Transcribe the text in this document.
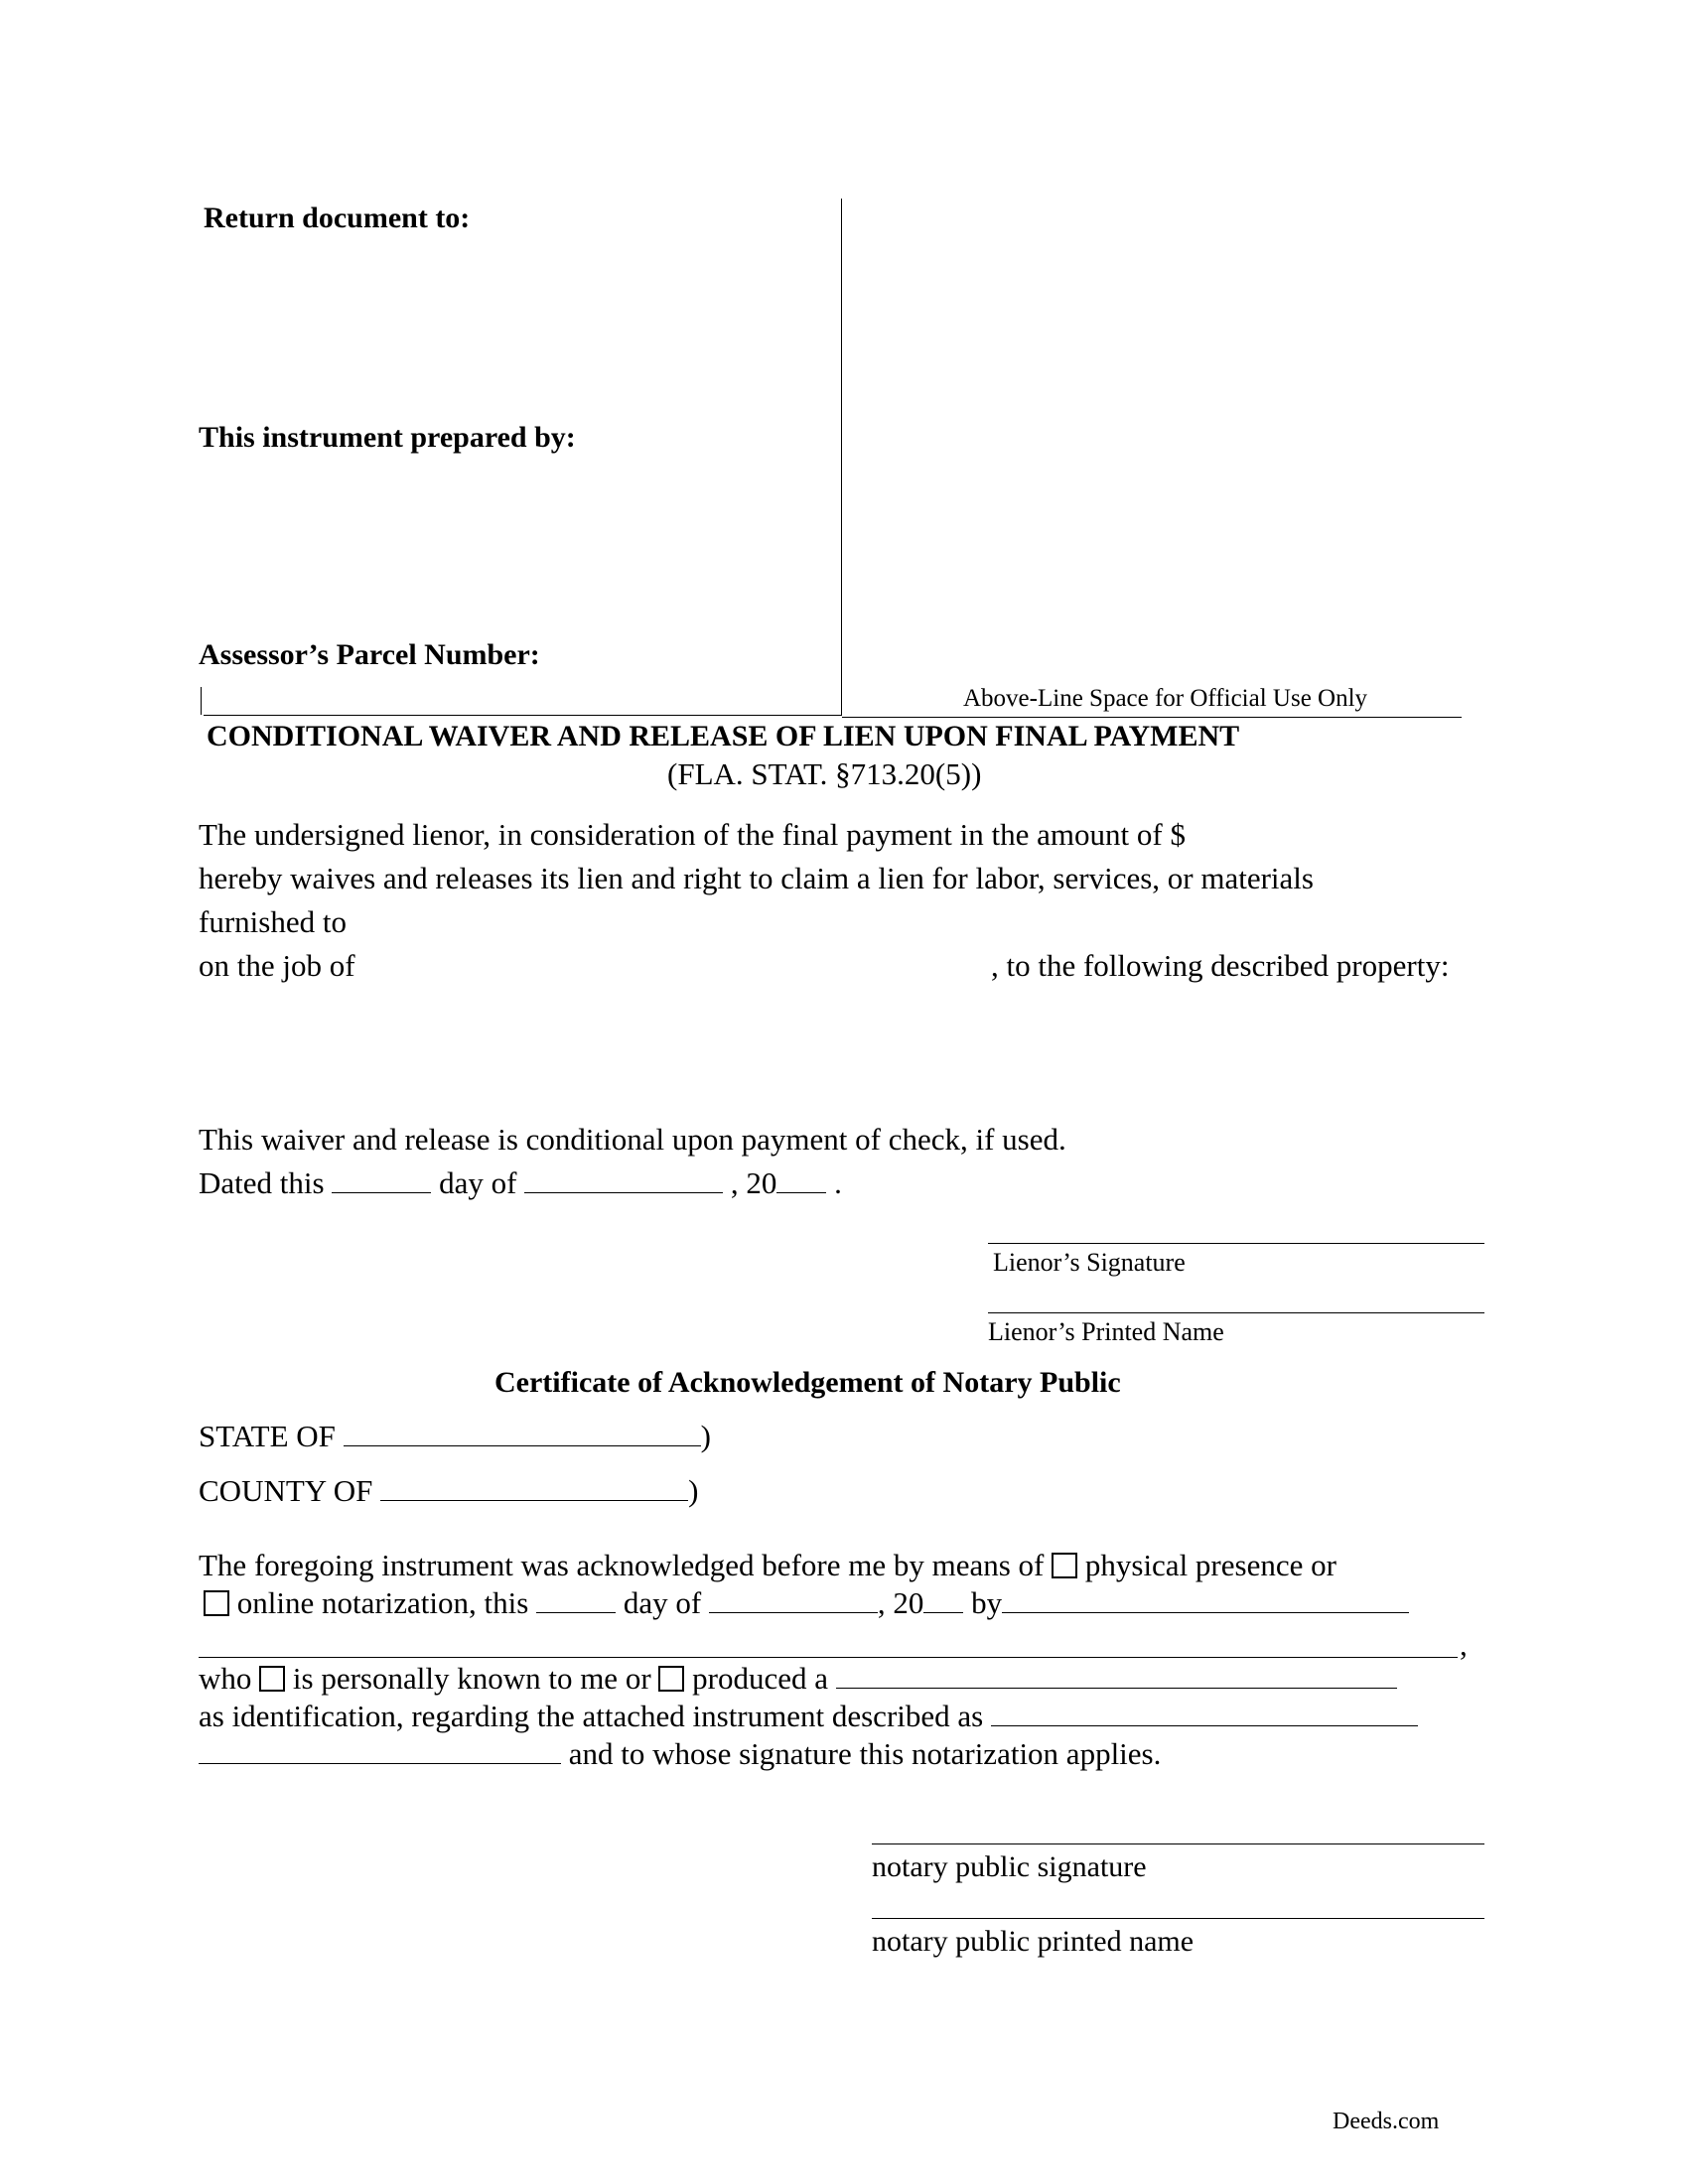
Return document to:
This instrument prepared by:
Assessor’s Parcel Number:
Above-Line Space for Official Use Only
CONDITIONAL WAIVER AND RELEASE OF LIEN UPON FINAL PAYMENT
(FLA. STAT. §713.20(5))
The undersigned lienor, in consideration of the final payment in the amount of $
hereby waives and releases its lien and right to claim a lien for labor, services, or materials
furnished to
on the job of	, to the following described property:
This waiver and release is conditional upon payment of check, if used.
Dated this	day of	, 20 .
Lienor’s Signature
Lienor’s Printed Name
Certificate of Acknowledgement of Notary Public
STATE OF	)
COUNTY OF	)
The foregoing instrument was acknowledged before me by means of physical presence or
online notarization, this	day of	, 20 by
,
who is personally known to me or produced a
as identification, regarding the attached instrument described as
and to whose signature this notarization applies.
notary public signature
notary public printed name
Deeds.com
